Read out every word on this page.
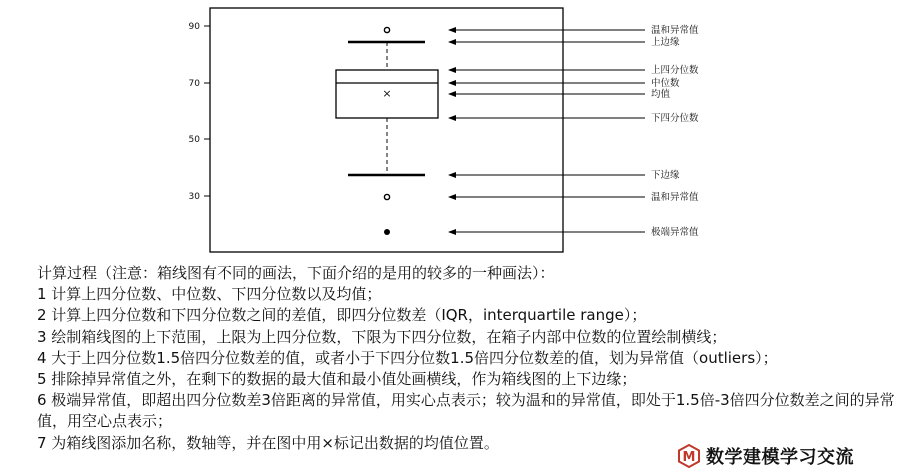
90
70
50
30
×
温和异常值
上边缘
上四分位数
中位数
均值
下四分位数
下边缘
温和异常值
极端异常值

计算过程（注意：箱线图有不同的画法，下面介绍的是用的较多的一种画法）：

1 计算上四分位数、中位数、下四分位数以及均值；

2 计算上四分位数和下四分位数之间的差值，即四分位数差（IQR，interquartile range）；

3 绘制箱线图的上下范围，上限为上四分位数，下限为下四分位数，在箱子内部中位数的位置绘制横线；

4 大于上四分位数1.5倍四分位数差的值，或者小于下四分位数1.5倍四分位数差的值，划为异常值（outliers）；

5 排除掉异常值之外，在剩下的数据的最大值和最小值处画横线，作为箱线图的上下边缘；

6 极端异常值，即超出四分位数差3倍距离的异常值，用实心点表示；较为温和的异常值，即处于1.5倍-3倍四分位数差之间的异常值，用空心点表示；

7 为箱线图添加名称，数轴等，并在图中用×标记出数据的均值位置。

M 数学建模学习交流
